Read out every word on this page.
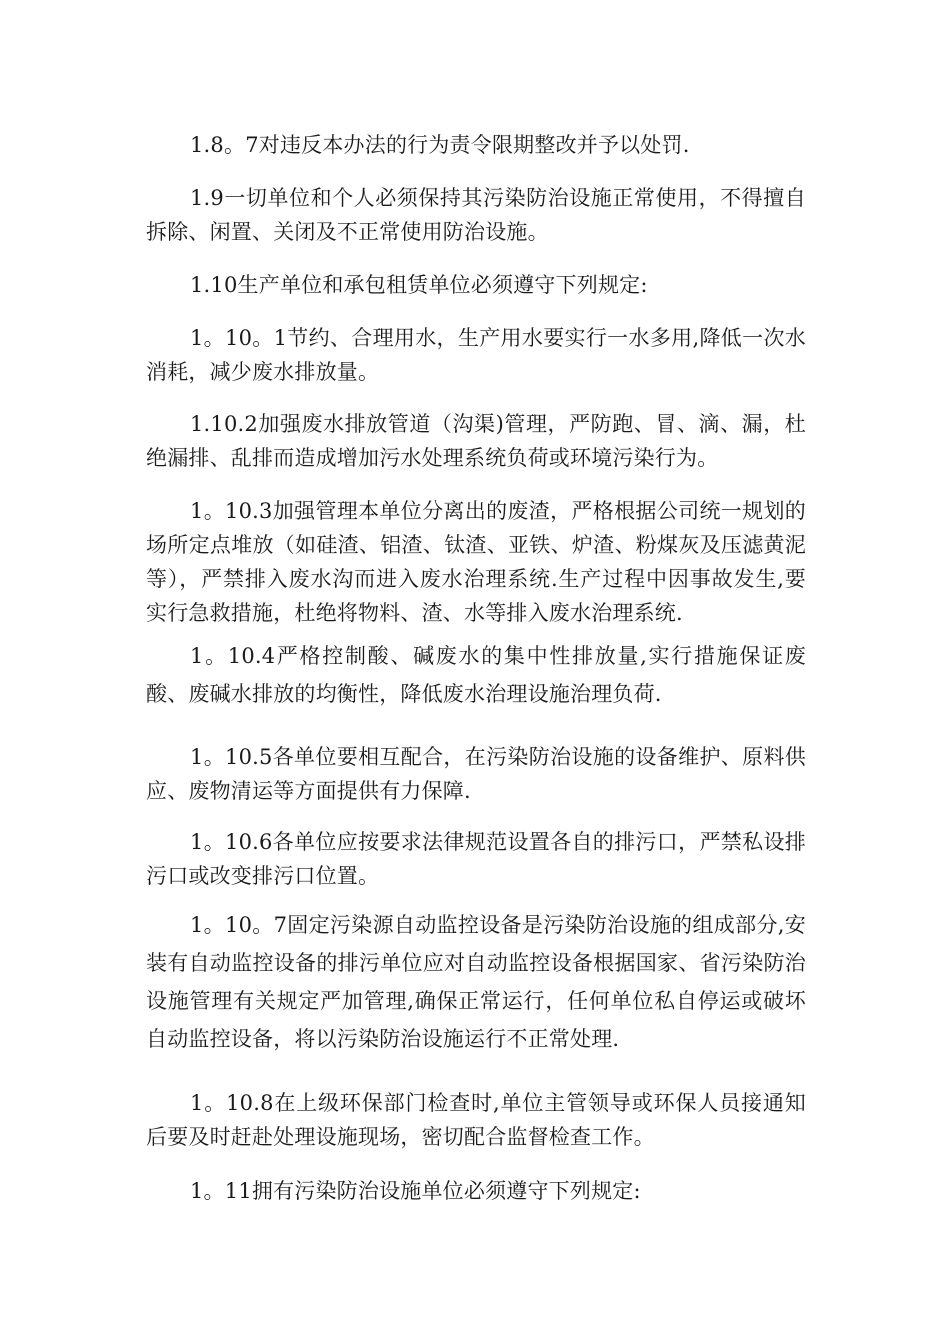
1.8。7对违反本办法的行为责令限期整改并予以处罚.

1.9一切单位和个人必须保持其污染防治设施正常使用，不得擅自拆除、闲置、关闭及不正常使用防治设施。

1.10生产单位和承包租赁单位必须遵守下列规定:

1。10。1节约、合理用水，生产用水要实行一水多用,降低一次水消耗，减少废水排放量。

1.10.2加强废水排放管道（沟渠)管理，严防跑、冒、滴、漏，杜绝漏排、乱排而造成增加污水处理系统负荷或环境污染行为。

1。10.3加强管理本单位分离出的废渣，严格根据公司统一规划的场所定点堆放（如硅渣、铝渣、钛渣、亚铁、炉渣、粉煤灰及压滤黄泥等），严禁排入废水沟而进入废水治理系统.生产过程中因事故发生,要实行急救措施，杜绝将物料、渣、水等排入废水治理系统.

1。10.4严格控制酸、碱废水的集中性排放量,实行措施保证废酸、废碱水排放的均衡性，降低废水治理设施治理负荷.

1。10.5各单位要相互配合，在污染防治设施的设备维护、原料供应、废物清运等方面提供有力保障.

1。10.6各单位应按要求法律规范设置各自的排污口，严禁私设排污口或改变排污口位置。

1。10。7固定污染源自动监控设备是污染防治设施的组成部分,安装有自动监控设备的排污单位应对自动监控设备根据国家、省污染防治设施管理有关规定严加管理,确保正常运行，任何单位私自停运或破坏自动监控设备，将以污染防治设施运行不正常处理.

1。10.8在上级环保部门检查时,单位主管领导或环保人员接通知后要及时赶赴处理设施现场，密切配合监督检查工作。

1。11拥有污染防治设施单位必须遵守下列规定:
